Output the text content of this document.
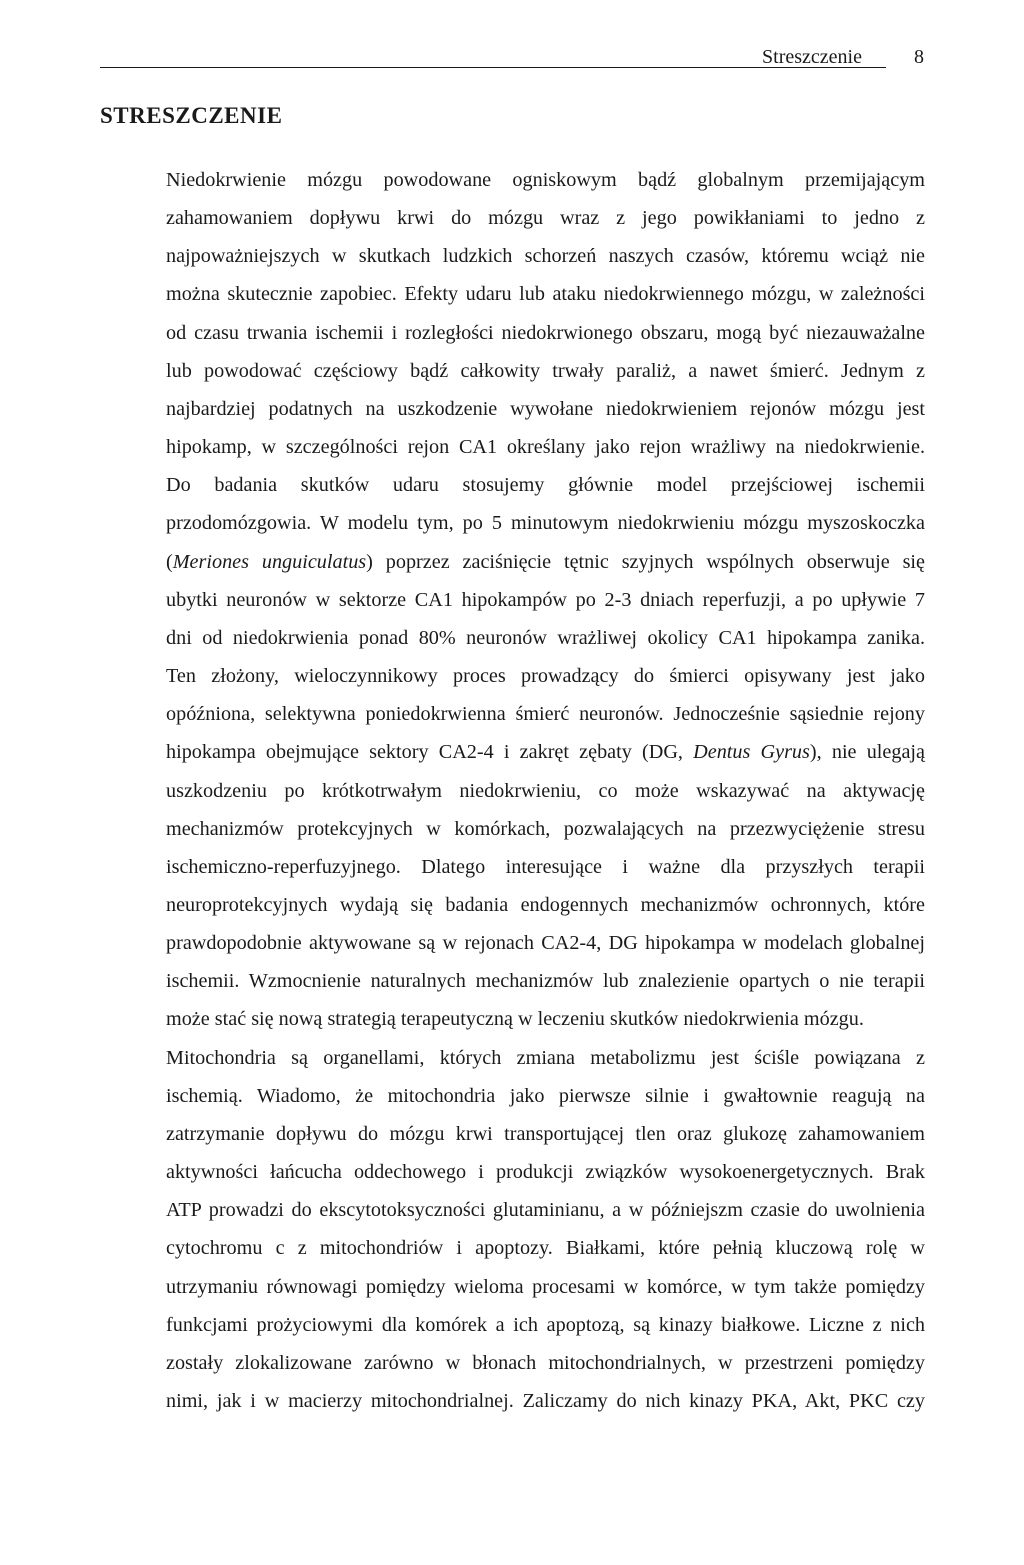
Streszczenie	8
STRESZCZENIE

Niedokrwienie mózgu powodowane ogniskowym bądź globalnym przemijającym
zahamowaniem dopływu krwi do mózgu wraz z jego powikłaniami to jedno z
najpoważniejszych w skutkach ludzkich schorzeń naszych czasów, któremu wciąż nie
można skutecznie zapobiec. Efekty udaru lub ataku niedokrwiennego mózgu, w zależności
od czasu trwania ischemii i rozległości niedokrwionego obszaru, mogą być niezauważalne
lub powodować częściowy bądź całkowity trwały paraliż, a nawet śmierć. Jednym z
najbardziej podatnych na uszkodzenie wywołane niedokrwieniem rejonów mózgu jest
hipokamp, w szczególności rejon CA1 określany jako rejon wrażliwy na niedokrwienie.
Do badania skutków udaru stosujemy głównie model przejściowej ischemii
przodomózgowia. W modelu tym, po 5 minutowym niedokrwieniu mózgu myszoskoczka
(Meriones unguiculatus) poprzez zaciśnięcie tętnic szyjnych wspólnych obserwuje się
ubytki neuronów w sektorze CA1 hipokampów po 2-3 dniach reperfuzji, a po upływie 7
dni od niedokrwienia ponad 80% neuronów wrażliwej okolicy CA1 hipokampa zanika.
Ten złożony, wieloczynnikowy proces prowadzący do śmierci opisywany jest jako
opóźniona, selektywna poniedokrwienna śmierć neuronów. Jednocześnie sąsiednie rejony
hipokampa obejmujące sektory CA2-4 i zakręt zębaty (DG, Dentus Gyrus), nie ulegają
uszkodzeniu po krótkotrwałym niedokrwieniu, co może wskazywać na aktywację
mechanizmów protekcyjnych w komórkach, pozwalających na przezwyciężenie stresu
ischemiczno-reperfuzyjnego. Dlatego interesujące i ważne dla przyszłych terapii
neuroprotekcyjnych wydają się badania endogennych mechanizmów ochronnych, które
prawdopodobnie aktywowane są w rejonach CA2-4, DG hipokampa w modelach globalnej
ischemii. Wzmocnienie naturalnych mechanizmów lub znalezienie opartych o nie terapii
może stać się nową strategią terapeutyczną w leczeniu skutków niedokrwienia mózgu.

Mitochondria są organellami, których zmiana metabolizmu jest ściśle powiązana z
ischemią. Wiadomo, że mitochondria jako pierwsze silnie i gwałtownie reagują na
zatrzymanie dopływu do mózgu krwi transportującej tlen oraz glukozę zahamowaniem
aktywności łańcucha oddechowego i produkcji związków wysokoenergetycznych. Brak
ATP prowadzi do ekscytotoksyczności glutaminianu, a w późniejszm czasie do uwolnienia
cytochromu c z mitochondriów i apoptozy. Białkami, które pełnią kluczową rolę w
utrzymaniu równowagi pomiędzy wieloma procesami w komórce, w tym także pomiędzy
funkcjami prożyciowymi dla komórek a ich apoptozą, są kinazy białkowe. Liczne z nich
zostały zlokalizowane zarówno w błonach mitochondrialnych, w przestrzeni pomiędzy
nimi, jak i w macierzy mitochondrialnej. Zaliczamy do nich kinazy PKA, Akt, PKC czy
